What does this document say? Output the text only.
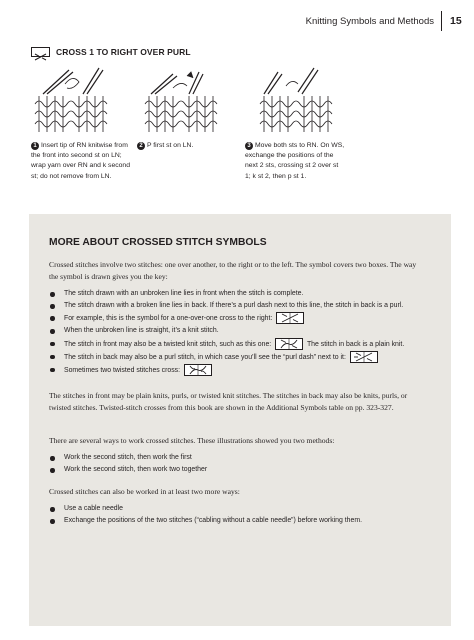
Knitting Symbols and Methods 15
CROSS 1 TO RIGHT OVER PURL
1 Insert tip of RN knitwise from the front into second st on LN; wrap yarn over RN and k second st; do not remove from LN.
2 P first st on LN.	3 Move both sts to RN. On WS, exchange the positions of the next 2 sts, crossing st 2 over st 1; k st 2, then p st 1.
MORE ABOUT CROSSED STITCH SYMBOLS

Crossed stitches involve two stitches: one over another, to the right or to the left. The symbol covers two boxes. The way the symbol is drawn gives you the key:

The stitch drawn with an unbroken line lies in front when the stitch is complete.
The stitch drawn with a broken line lies in back. If there’s a purl dash next to this line, the stitch in back is a purl.
For example, this is the symbol for a one-over-one cross to the right:
When the unbroken line is straight, it’s a knit stitch.
The stitch in front may also be a twisted knit stitch, such as this one:	The stitch in back is a plain knit.
The stitch in back may also be a purl stitch, in which case you’ll see the “purl dash” next to it:
Sometimes two twisted stitches cross:

The stitches in front may be plain knits, purls, or twisted knit stitches. The stitches in back may also be knits, purls, or twisted stitches. Twisted-stitch crosses from this book are shown in the Additional Symbols table on pp. 323-327.

There are several ways to work crossed stitches. These illustrations showed you two methods:

Work the second stitch, then work the first
Work the second stitch, then work two together

Crossed stitches can also be worked in at least two more ways:

Use a cable needle
Exchange the positions of the two stitches (“cabling without a cable needle”) before working them.
